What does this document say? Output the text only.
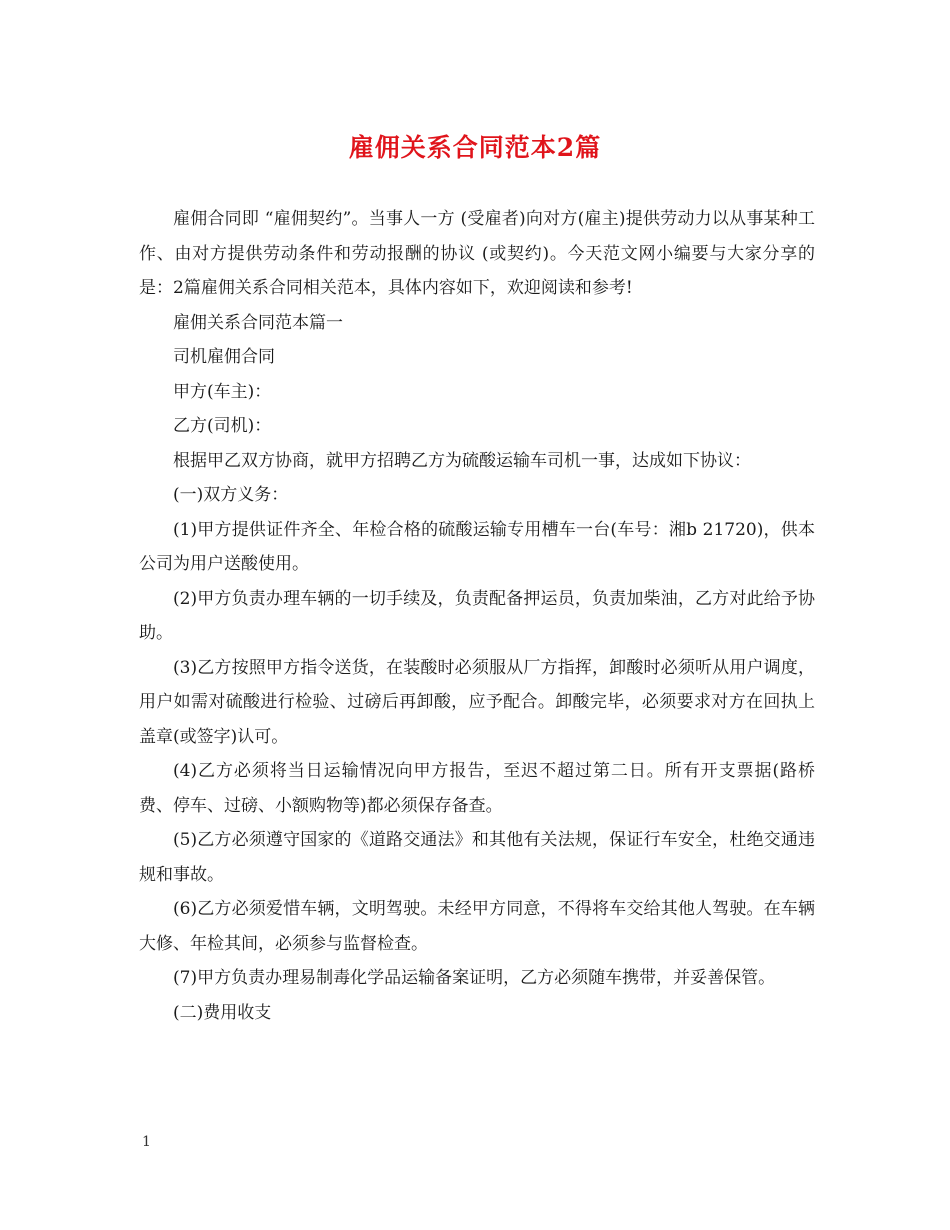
雇佣关系合同范本2篇

雇佣合同即 “雇佣契约”。当事人一方 (受雇者)向对方(雇主)提供劳动力以从事某种工作、由对方提供劳动条件和劳动报酬的协议 (或契约)。今天范文网小编要与大家分享的是：2篇雇佣关系合同相关范本，具体内容如下，欢迎阅读和参考!

雇佣关系合同范本篇一

司机雇佣合同

甲方(车主)：

乙方(司机)：

根据甲乙双方协商，就甲方招聘乙方为硫酸运输车司机一事，达成如下协议：

(一)双方义务：

(1)甲方提供证件齐全、年检合格的硫酸运输专用槽车一台(车号：湘b 21720)，供本公司为用户送酸使用。

(2)甲方负责办理车辆的一切手续及，负责配备押运员，负责加柴油，乙方对此给予协助。

(3)乙方按照甲方指令送货，在装酸时必须服从厂方指挥，卸酸时必须听从用户调度，用户如需对硫酸进行检验、过磅后再卸酸，应予配合。卸酸完毕，必须要求对方在回执上盖章(或签字)认可。

(4)乙方必须将当日运输情况向甲方报告，至迟不超过第二日。所有开支票据(路桥费、停车、过磅、小额购物等)都必须保存备查。

(5)乙方必须遵守国家的《道路交通法》和其他有关法规，保证行车安全，杜绝交通违规和事故。

(6)乙方必须爱惜车辆，文明驾驶。未经甲方同意，不得将车交给其他人驾驶。在车辆大修、年检其间，必须参与监督检查。

(7)甲方负责办理易制毒化学品运输备案证明，乙方必须随车携带，并妥善保管。

(二)费用收支

1
